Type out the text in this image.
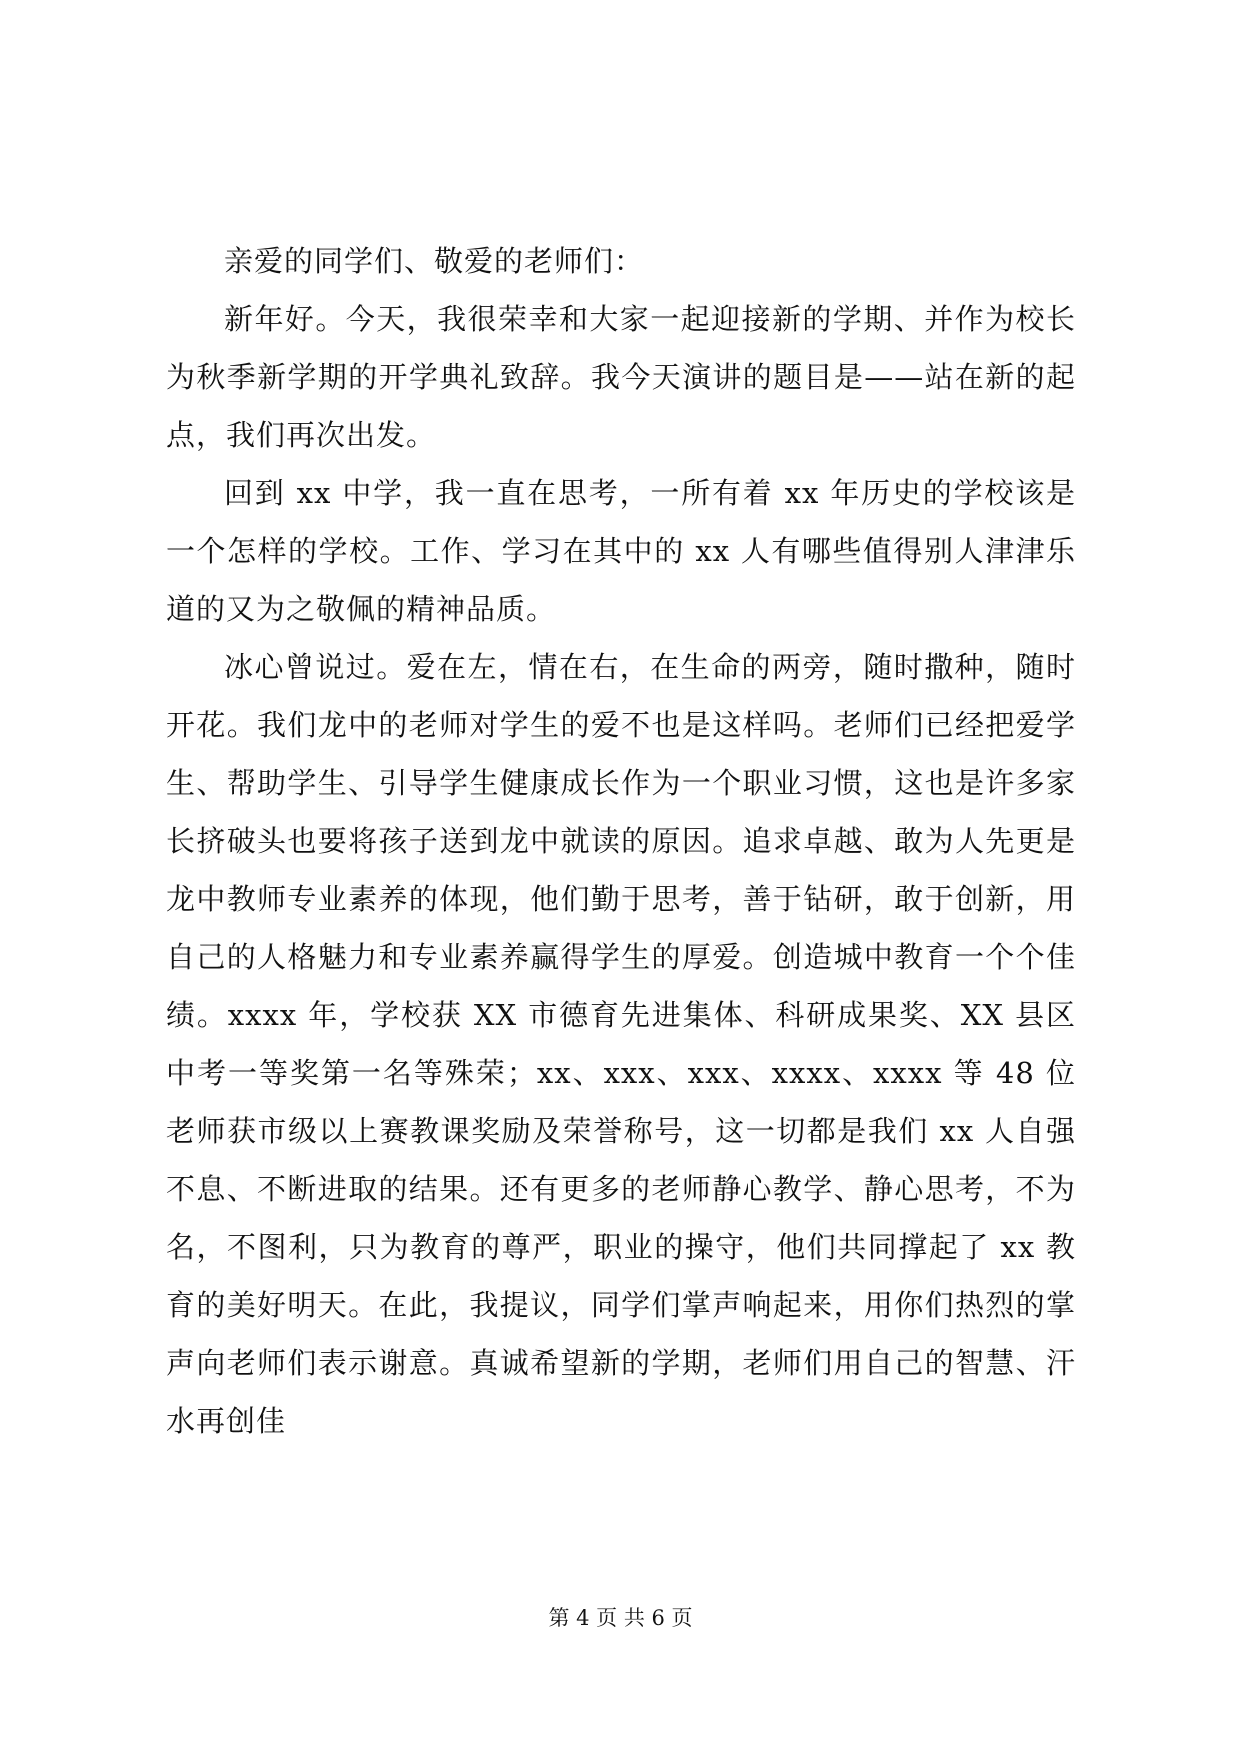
亲爱的同学们、敬爱的老师们：

新年好。今天，我很荣幸和大家一起迎接新的学期、并作为校长为秋季新学期的开学典礼致辞。我今天演讲的题目是——站在新的起点，我们再次出发。

回到 xx 中学，我一直在思考，一所有着 xx 年历史的学校该是一个怎样的学校。工作、学习在其中的 xx 人有哪些值得别人津津乐道的又为之敬佩的精神品质。

冰心曾说过。爱在左，情在右，在生命的两旁，随时撒种，随时开花。我们龙中的老师对学生的爱不也是这样吗。老师们已经把爱学生、帮助学生、引导学生健康成长作为一个职业习惯，这也是许多家长挤破头也要将孩子送到龙中就读的原因。追求卓越、敢为人先更是龙中教师专业素养的体现，他们勤于思考，善于钻研，敢于创新，用自己的人格魅力和专业素养赢得学生的厚爱。创造城中教育一个个佳绩。xxxx 年，学校获 XX 市德育先进集体、科研成果奖、XX 县区中考一等奖第一名等殊荣；xx、xxx、xxx、xxxx、xxxx 等 48 位老师获市级以上赛教课奖励及荣誉称号，这一切都是我们 xx 人自强不息、不断进取的结果。还有更多的老师静心教学、静心思考，不为名，不图利，只为教育的尊严，职业的操守，他们共同撑起了 xx 教育的美好明天。在此，我提议，同学们掌声响起来，用你们热烈的掌声向老师们表示谢意。真诚希望新的学期，老师们用自己的智慧、汗水再创佳

第 4 页 共 6 页
